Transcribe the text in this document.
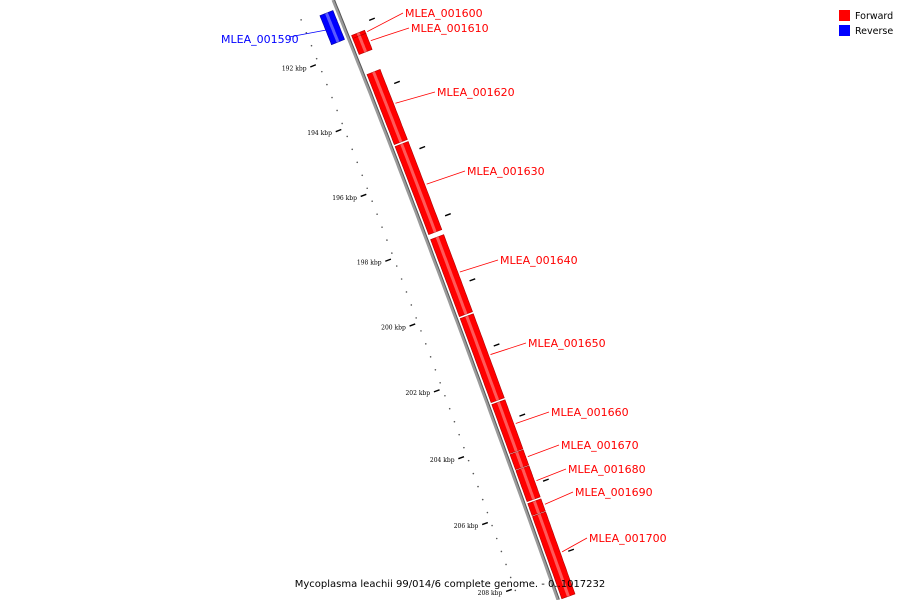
192 kbp
194 kbp
196 kbp
198 kbp
200 kbp
202 kbp
204 kbp
206 kbp
208 kbp
MLEA_001590
MLEA_001600
MLEA_001610
MLEA_001620
MLEA_001630
MLEA_001640
MLEA_001650
MLEA_001660
MLEA_001670
MLEA_001680
MLEA_001690
MLEA_001700
Forward
Reverse
Mycoplasma leachii 99/014/6 complete genome. - 0..1017232
